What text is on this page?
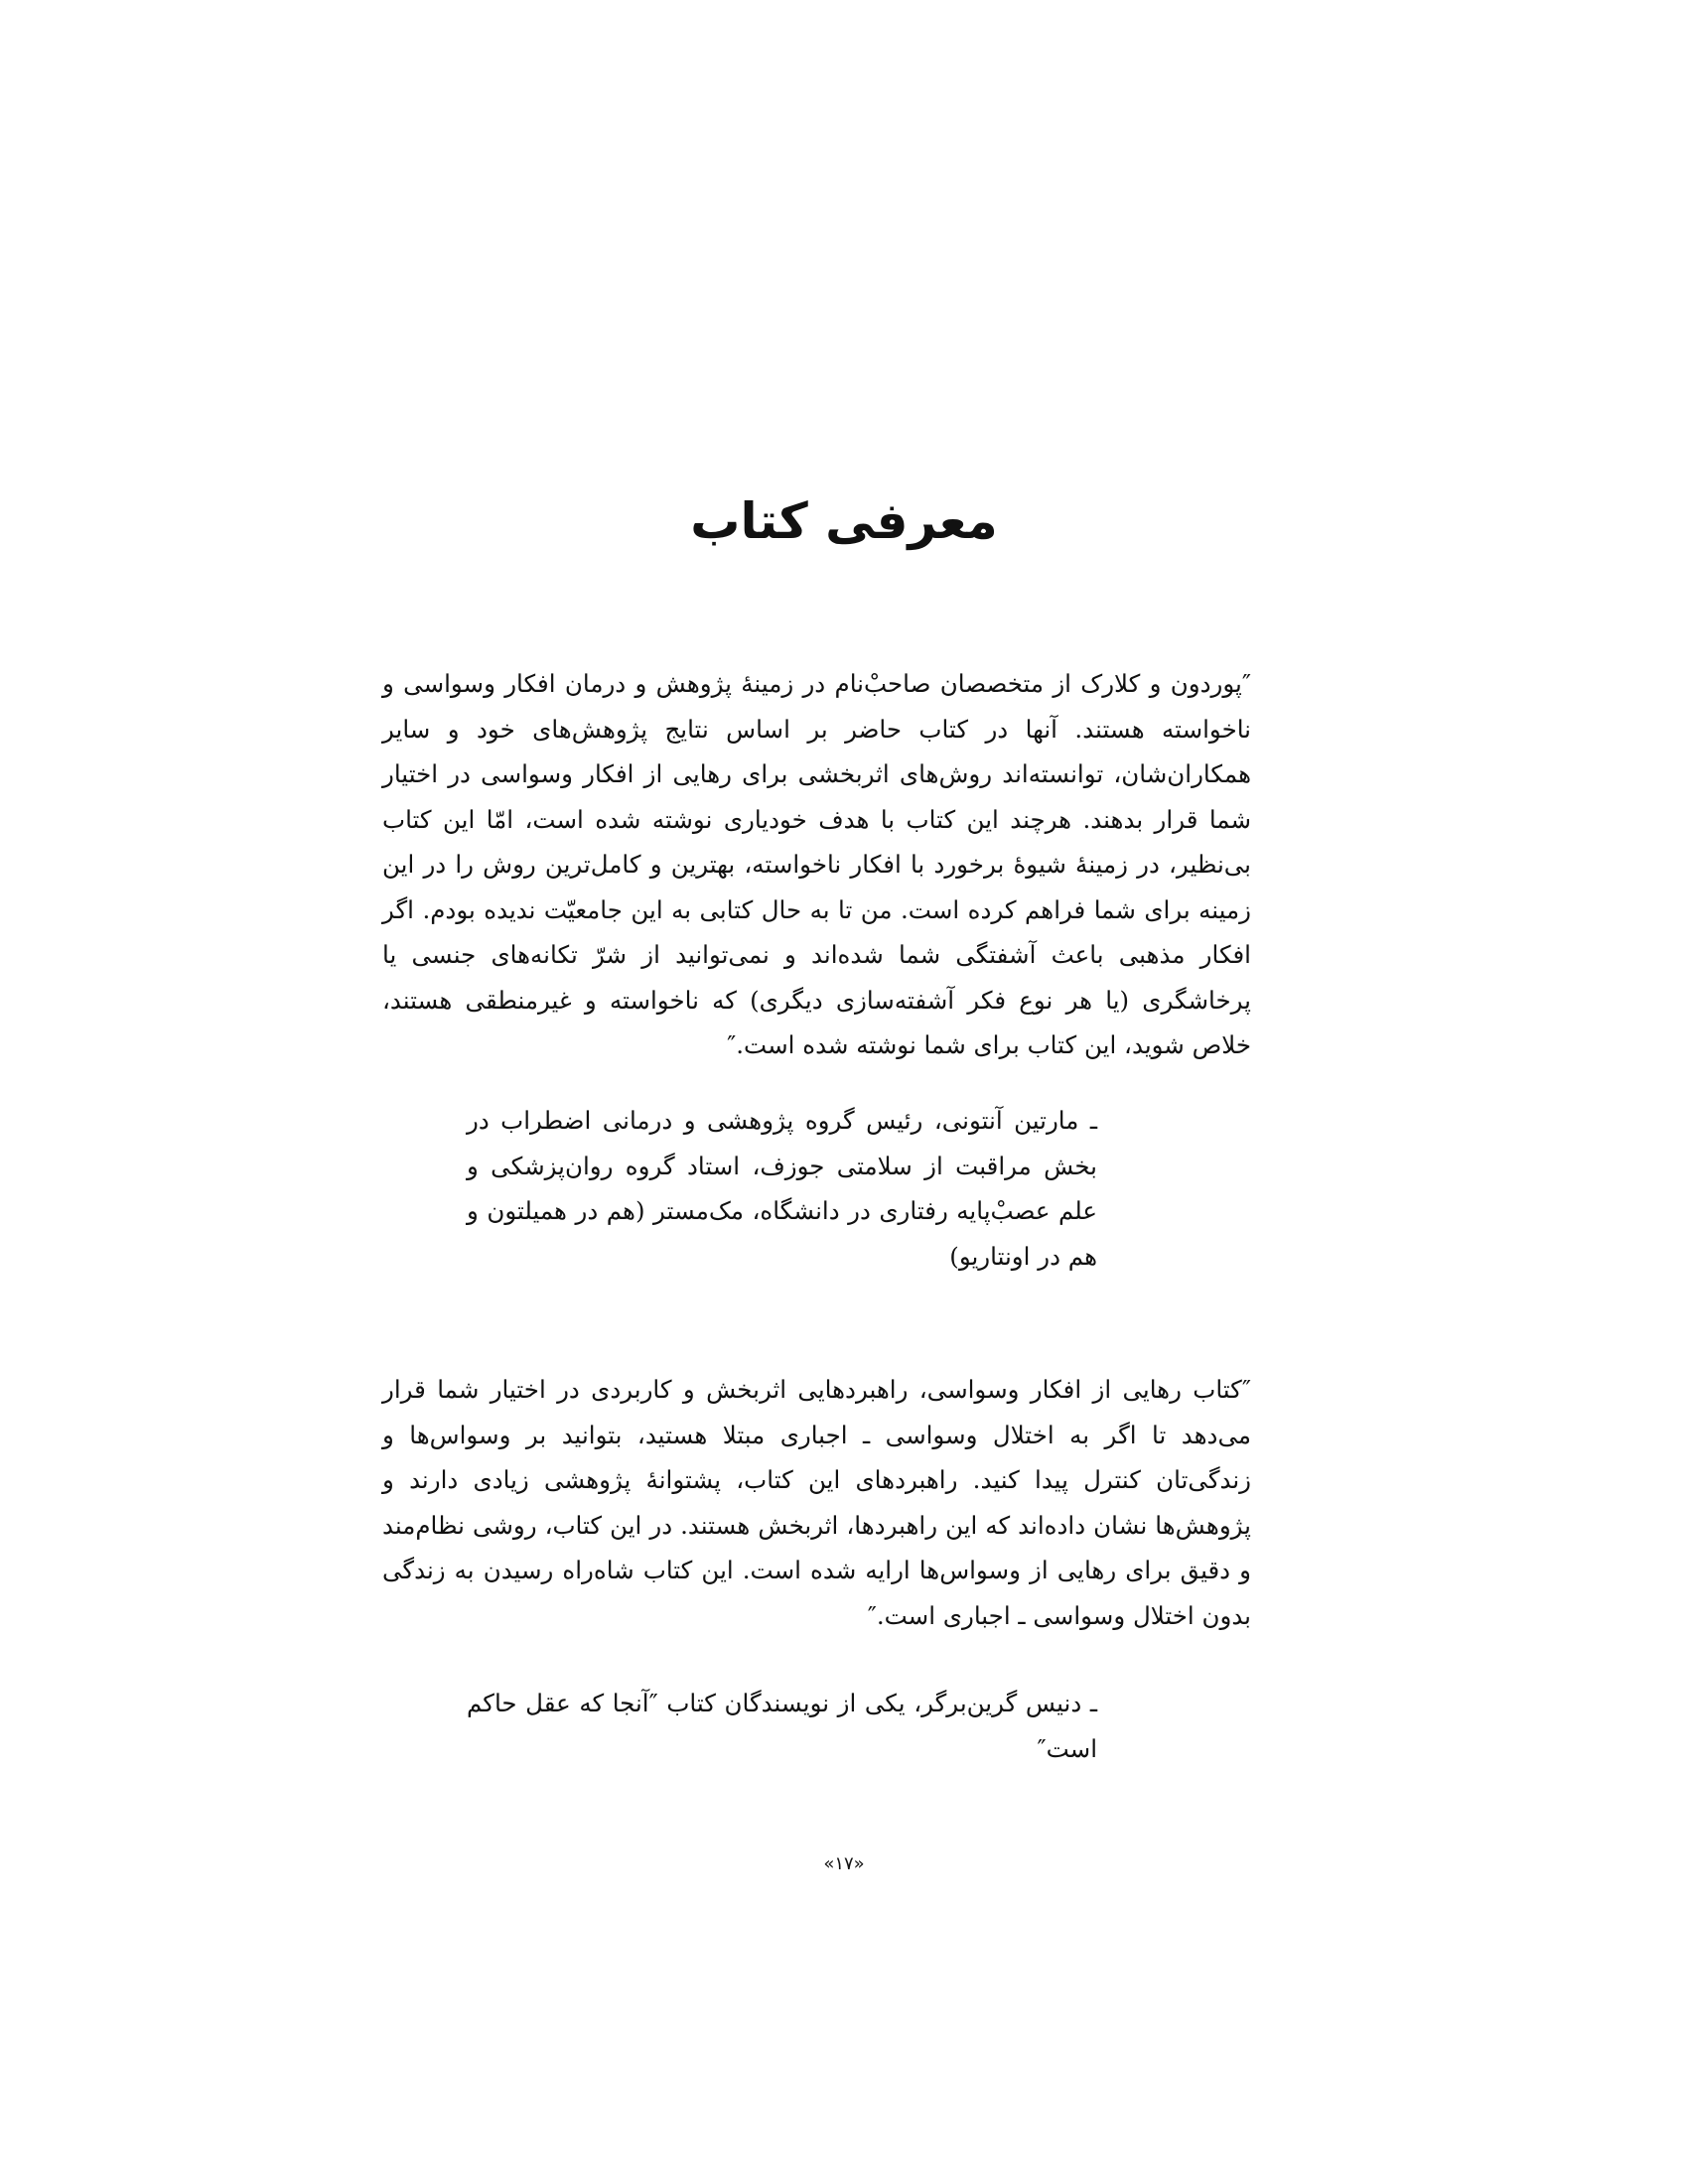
معرفی کتاب

″پوردون و کلارک از متخصصان صاحبْ‌نام در زمینهٔ پژوهش و درمان افکار وسواسی و ناخواسته هستند. آنها در کتاب حاضر بر اساس نتایج پژوهش‌های خود و سایر همکاران‌شان، توانسته‌اند روش‌های اثربخشی برای رهایی از افکار وسواسی در اختیار شما قرار بدهند. هرچند این کتاب با هدف خودیاری نوشته شده است، امّا این کتاب بی‌نظیر، در زمینهٔ شیوهٔ برخورد با افکار ناخواسته، بهترین و کامل‌ترین روش را در این زمینه برای شما فراهم کرده است. من تا به حال کتابی به این جامعیّت ندیده بودم. اگر افکار مذهبی باعث آشفتگی شما شده‌اند و نمی‌توانید از شرّ تکانه‌های جنسی یا پرخاشگری (یا هر نوع فکر آشفته‌سازی دیگری) که ناخواسته و غیرمنطقی هستند، خلاص شوید، این کتاب برای شما نوشته شده است.″

ـ مارتین آنتونی، رئیس گروه پژوهشی و درمانی اضطراب در بخش مراقبت از سلامتی جوزف، استاد گروه روان‌پزشکی و علم عصبْ‌پایه رفتاری در دانشگاه، مک‌مستر (هم در همیلتون و هم در اونتاریو)

″کتاب رهایی از افکار وسواسی، راهبردهایی اثربخش و کاربردی در اختیار شما قرار می‌دهد تا اگر به اختلال وسواسی ـ اجباری مبتلا هستید، بتوانید بر وسواس‌ها و زندگی‌تان کنترل پیدا کنید. راهبردهای این کتاب، پشتوانهٔ پژوهشی زیادی دارند و پژوهش‌ها نشان داده‌اند که این راهبردها، اثربخش هستند. در این کتاب، روشی نظام‌مند و دقیق برای رهایی از وسواس‌ها ارایه شده است. این کتاب شاه‌راه رسیدن به زندگی بدون اختلال وسواسی ـ اجباری است.″

ـ دنیس گرین‌برگر، یکی از نویسندگان کتاب ″آنجا که عقل حاکم است″

«۱۷»
